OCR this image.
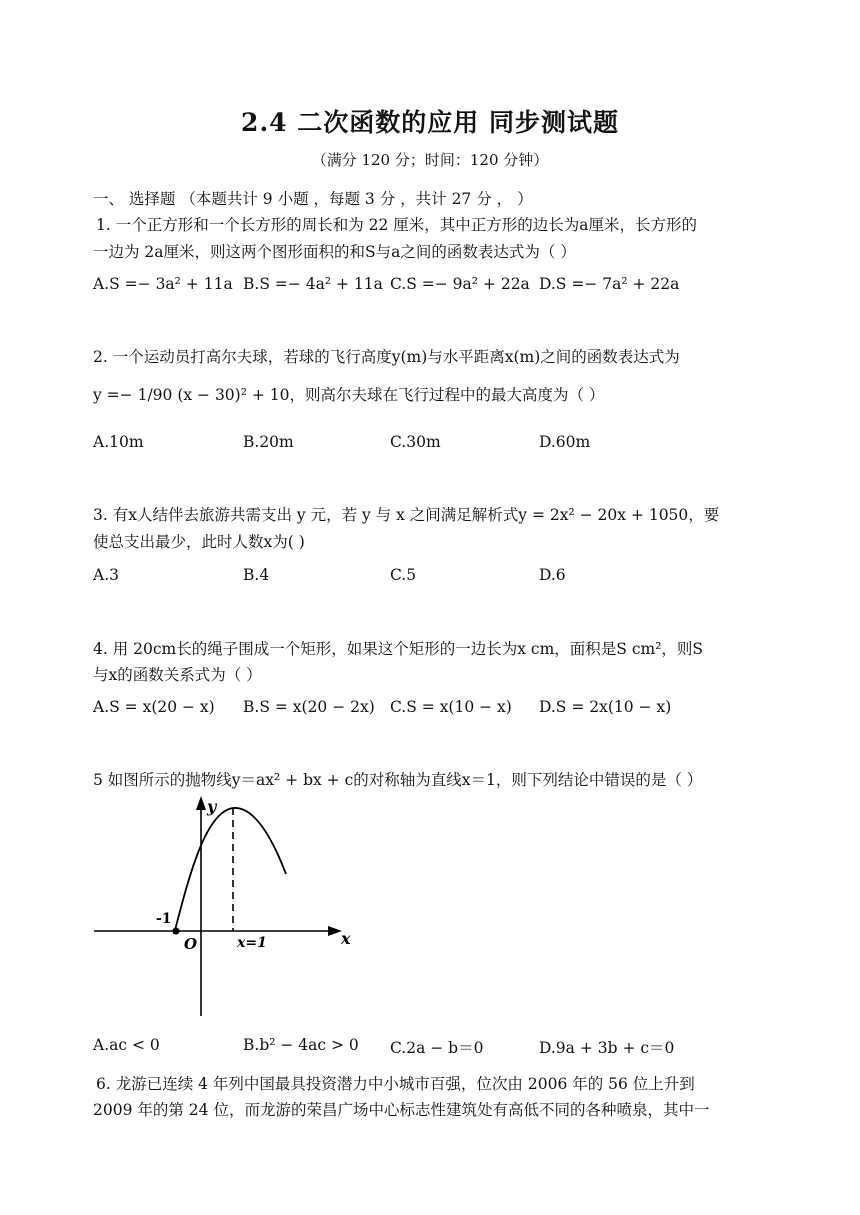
2.4 二次函数的应用 同步测试题
（满分 120 分；时间：120 分钟）
一、 选择题 （本题共计 9 小题 ，每题 3 分 ，共计 27 分 ， ）
1. 一个正方形和一个长方形的周长和为 22 厘米，其中正方形的边长为a厘米，长方形的
一边为 2a厘米，则这两个图形面积的和S与a之间的函数表达式为（ ）
A.S =− 3a² + 11a B.S =− 4a² + 11a C.S =− 9a² + 22a D.S =− 7a² + 22a
2. 一个运动员打高尔夫球，若球的飞行高度y(m)与水平距离x(m)之间的函数表达式为
y =− 1/90 (x − 30)² + 10，则高尔夫球在飞行过程中的最大高度为（ ）
A.10m	B.20m	C.30m	D.60m
3. 有x人结伴去旅游共需支出 y 元，若 y 与 x 之间满足解析式y = 2x² − 20x + 1050，要
使总支出最少，此时人数x为( )
A.3	B.4	C.5	D.6
4. 用 20cm长的绳子围成一个矩形，如果这个矩形的一边长为x cm，面积是S cm²，则S
与x的函数关系式为（ ）
A.S = x(20 − x) B.S = x(20 − 2x) C.S = x(10 − x) D.S = 2x(10 − x)
5 如图所示的抛物线y＝ax² + bx + c的对称轴为直线x＝1，则下列结论中错误的是（ ）
y
x
O
-1
x=1
A.ac < 0	B.b² − 4ac > 0 C.2a − b＝0	D.9a + 3b + c＝0
6. 龙游已连续 4 年列中国最具投资潜力中小城市百强，位次由 2006 年的 56 位上升到
2009 年的第 24 位，而龙游的荣昌广场中心标志性建筑处有高低不同的各种喷泉，其中一
